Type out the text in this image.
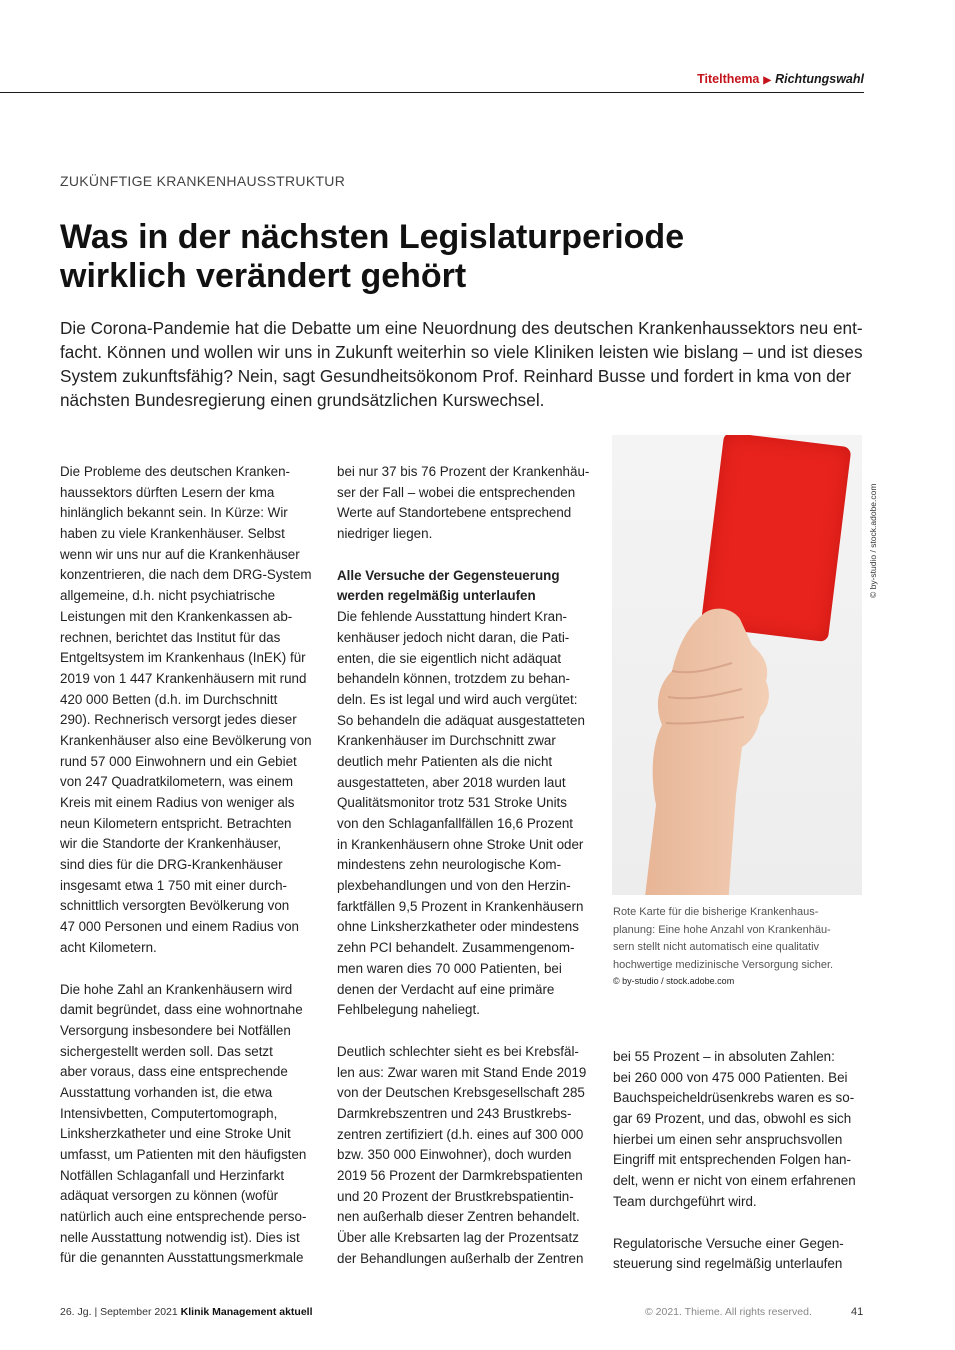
Titelthema ▶ Richtungswahl
ZUKÜNFTIGE KRANKENHAUSSTRUKTUR
Was in der nächsten Legislaturperiode
wirklich verändert gehört
Die Corona-Pandemie hat die Debatte um eine Neuordnung des deutschen Krankenhaussektors neu ent-
facht. Können und wollen wir uns in Zukunft weiterhin so viele Kliniken leisten wie bislang – und ist dieses
System zukunftsfähig? Nein, sagt Gesundheitsökonom Prof. Reinhard Busse und fordert in kma von der
nächsten Bundesregierung einen grundsätzlichen Kurswechsel.
Die Probleme des deutschen Kranken-
haussektors dürften Lesern der kma
hinlänglich bekannt sein. In Kürze: Wir
haben zu viele Krankenhäuser. Selbst
wenn wir uns nur auf die Krankenhäuser
konzentrieren, die nach dem DRG-System
allgemeine, d.h. nicht psychiatrische
Leistungen mit den Krankenkassen ab-
rechnen, berichtet das Institut für das
Entgeltsystem im Krankenhaus (InEK) für
2019 von 1 447 Krankenhäusern mit rund
420 000 Betten (d.h. im Durchschnitt
290). Rechnerisch versorgt jedes dieser
Krankenhäuser also eine Bevölkerung von
rund 57 000 Einwohnern und ein Gebiet
von 247 Quadratkilometern, was einem
Kreis mit einem Radius von weniger als
neun Kilometern entspricht. Betrachten
wir die Standorte der Krankenhäuser,
sind dies für die DRG-Krankenhäuser
insgesamt etwa 1 750 mit einer durch-
schnittlich versorgten Bevölkerung von
47 000 Personen und einem Radius von
acht Kilometern.
Die hohe Zahl an Krankenhäusern wird
damit begründet, dass eine wohnortnahe
Versorgung insbesondere bei Notfällen
sichergestellt werden soll. Das setzt
aber voraus, dass eine entsprechende
Ausstattung vorhanden ist, die etwa
Intensivbetten, Computertomograph,
Linksherzkatheter und eine Stroke Unit
umfasst, um Patienten mit den häufigsten
Notfällen Schlaganfall und Herzinfarkt
adäquat versorgen zu können (wofür
natürlich auch eine entsprechende perso-
nelle Ausstattung notwendig ist). Dies ist
für die genannten Ausstattungsmerkmale
bei nur 37 bis 76 Prozent der Krankenhäu-
ser der Fall – wobei die entsprechenden
Werte auf Standortebene entsprechend
niedriger liegen.
Alle Versuche der Gegensteuerung
werden regelmäßig unterlaufen
Die fehlende Ausstattung hindert Kran-
kenhäuser jedoch nicht daran, die Pati-
enten, die sie eigentlich nicht adäquat
behandeln können, trotzdem zu behan-
deln. Es ist legal und wird auch vergütet:
So behandeln die adäquat ausgestatteten
Krankenhäuser im Durchschnitt zwar
deutlich mehr Patienten als die nicht
ausgestatteten, aber 2018 wurden laut
Qualitätsmonitor trotz 531 Stroke Units
von den Schlaganfallfällen 16,6 Prozent
in Krankenhäusern ohne Stroke Unit oder
mindestens zehn neurologische Kom-
plexbehandlungen und von den Herzin-
farktfällen 9,5 Prozent in Krankenhäusern
ohne Linksherzkatheter oder mindestens
zehn PCI behandelt. Zusammengenom-
men waren dies 70 000 Patienten, bei
denen der Verdacht auf eine primäre
Fehlbelegung naheliegt.
Deutlich schlechter sieht es bei Krebsfäl-
len aus: Zwar waren mit Stand Ende 2019
von der Deutschen Krebsgesellschaft 285
Darmkrebszentren und 243 Brustkrebs-
zentren zertifiziert (d.h. eines auf 300 000
bzw. 350 000 Einwohner), doch wurden
2019 56 Prozent der Darmkrebspatienten
und 20 Prozent der Brustkrebspatientin-
nen außerhalb dieser Zentren behandelt.
Über alle Krebsarten lag der Prozentsatz
der Behandlungen außerhalb der Zentren
bei 55 Prozent – in absoluten Zahlen:
bei 260 000 von 475 000 Patienten. Bei
Bauchspeicheldrüsenkrebs waren es so-
gar 69 Prozent, und das, obwohl es sich
hierbei um einen sehr anspruchsvollen
Eingriff mit entsprechenden Folgen han-
delt, wenn er nicht von einem erfahrenen
Team durchgeführt wird.
Regulatorische Versuche einer Gegen-
steuerung sind regelmäßig unterlaufen
© by-studio / stock.adobe.com
Rote Karte für die bisherige Krankenhaus-
planung: Eine hohe Anzahl von Krankenhäu-
sern stellt nicht automatisch eine qualitativ
hochwertige medizinische Versorgung sicher.
© by-studio / stock.adobe.com
26. Jg. | September 2021 Klinik Management aktuell	© 2021. Thieme. All rights reserved.	41
